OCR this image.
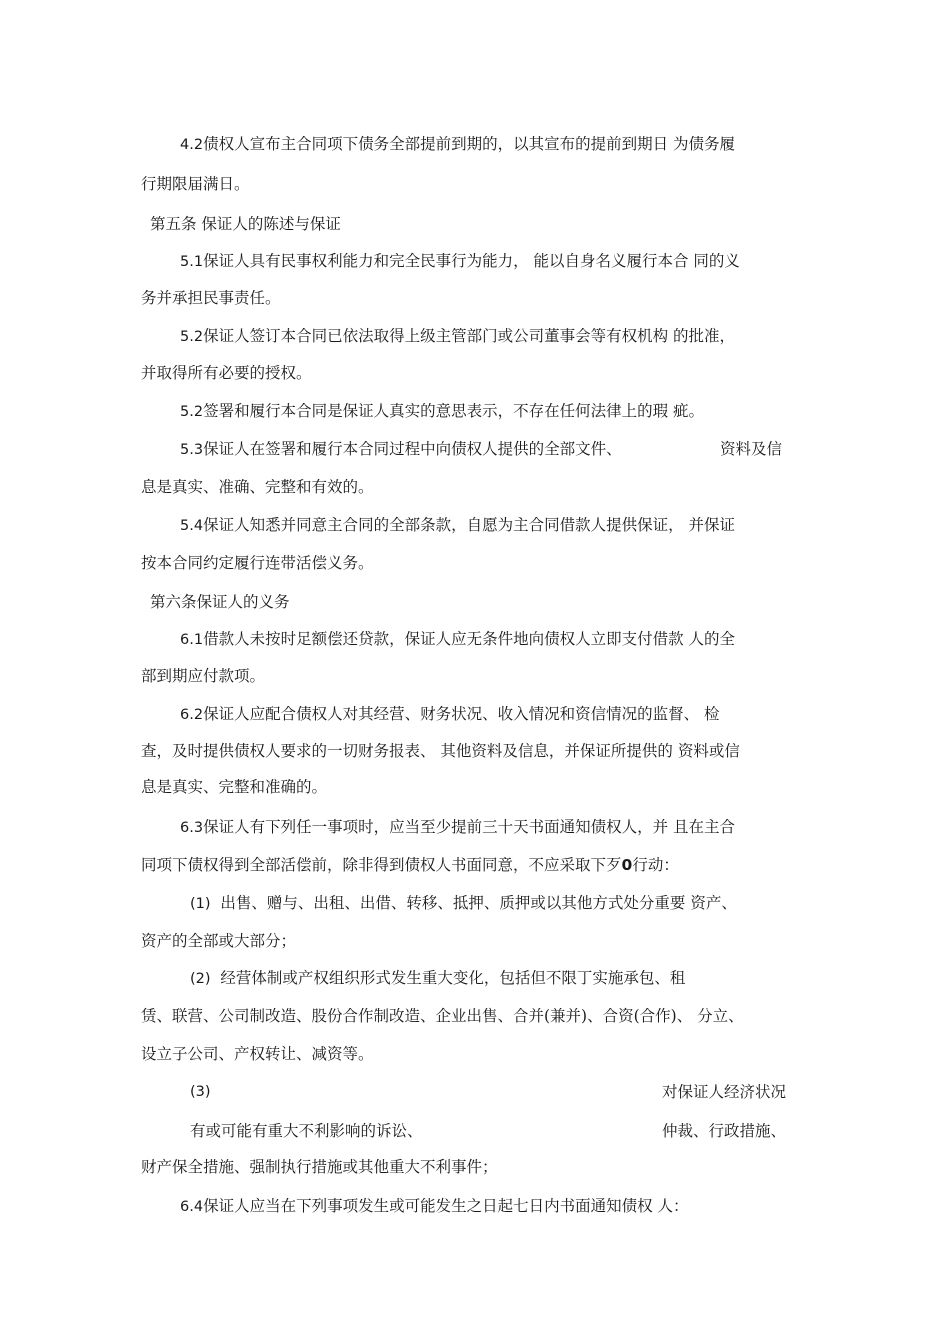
4.2债权人宣布主合同项下债务全部提前到期的，以其宣布的提前到期日 为债务履
行期限届满日。
第五条 保证人的陈述与保证
5.1保证人具有民事权利能力和完全民事行为能力， 能以自身名义履行本合 同的义
务并承担民事责任。
5.2保证人签订本合同已依法取得上级主管部门或公司董事会等有权机构 的批准，
并取得所有必要的授权。
5.2签署和履行本合同是保证人真实的意思表示，不存在任何法律上的瑕 疵。
5.3保证人在签署和履行本合同过程中向债权人提供的全部文件、	资料及信
息是真实、准确、完整和有效的。
5.4保证人知悉并同意主合同的全部条款，自愿为主合同借款人提供保证， 并保证
按本合同约定履行连带活偿义务。
第六条保证人的义务
6.1借款人未按时足额偿还贷款，保证人应无条件地向债权人立即支付借款 人的全
部到期应付款项。
6.2保证人应配合债权人对其经营、财务状况、收入情况和资信情况的监督、 检
查，及时提供债权人要求的一切财务报表、 其他资料及信息，并保证所提供的 资料或信
息是真实、完整和准确的。
6.3保证人有下列任一事项时，应当至少提前三十天书面通知债权人，并 且在主合
同项下债权得到全部活偿前，除非得到债权人书面同意，不应采取下歹0行动：
(1) 出售、赠与、出租、出借、转移、抵押、质押或以其他方式处分重要 资产、
资产的全部或大部分；
(2) 经营体制或产权组织形式发生重大变化，包括但不限丁实施承包、租
赁、联营、公司制改造、股份合作制改造、企业出售、合并(兼并)、合资(合作)、 分立、
设立子公司、产权转让、减资等。
(3)	对保证人经济状况
有或可能有重大不利影响的诉讼、	仲裁、行政措施、
财产保全措施、强制执行措施或其他重大不利事件；
6.4保证人应当在下列事项发生或可能发生之日起七日内书面通知债权 人：
